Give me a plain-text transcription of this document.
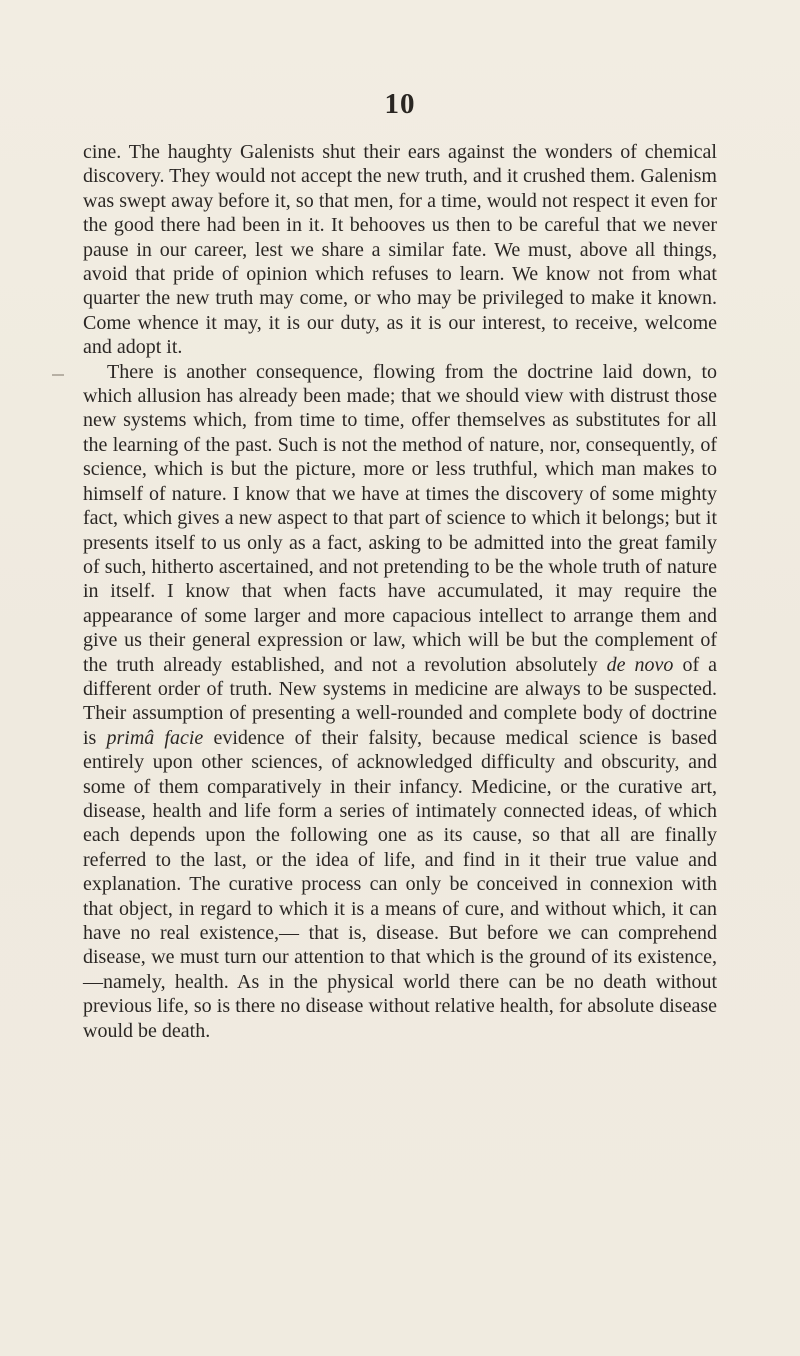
10

cine. The haughty Galenists shut their ears against the wonders of chemical discovery. They would not accept the new truth, and it crushed them. Galenism was swept away before it, so that men, for a time, would not respect it even for the good there had been in it. It behooves us then to be careful that we never pause in our career, lest we share a similar fate. We must, above all things, avoid that pride of opinion which refuses to learn. We know not from what quarter the new truth may come, or who may be privileged to make it known. Come whence it may, it is our duty, as it is our interest, to receive, welcome and adopt it.

There is another consequence, flowing from the doctrine laid down, to which allusion has already been made; that we should view with distrust those new systems which, from time to time, offer themselves as substitutes for all the learning of the past. Such is not the method of nature, nor, consequently, of science, which is but the picture, more or less truthful, which man makes to himself of nature. I know that we have at times the discovery of some mighty fact, which gives a new aspect to that part of science to which it belongs; but it presents itself to us only as a fact, asking to be admitted into the great family of such, hitherto ascertained, and not pretending to be the whole truth of nature in itself. I know that when facts have accumulated, it may require the appearance of some larger and more capacious intellect to arrange them and give us their general expression or law, which will be but the complement of the truth already established, and not a revolution absolutely de novo of a different order of truth. New systems in medicine are always to be suspected. Their assumption of presenting a well-rounded and complete body of doctrine is primâ facie evidence of their falsity, because medical science is based entirely upon other sciences, of acknowledged difficulty and obscurity, and some of them comparatively in their infancy. Medicine, or the curative art, disease, health and life form a series of intimately connected ideas, of which each depends upon the following one as its cause, so that all are finally referred to the last, or the idea of life, and find in it their true value and explanation. The curative process can only be conceived in connexion with that object, in regard to which it is a means of cure, and without which, it can have no real existence,— that is, disease. But before we can comprehend disease, we must turn our attention to that which is the ground of its existence,—namely, health. As in the physical world there can be no death without previous life, so is there no disease without relative health, for absolute disease would be death.
